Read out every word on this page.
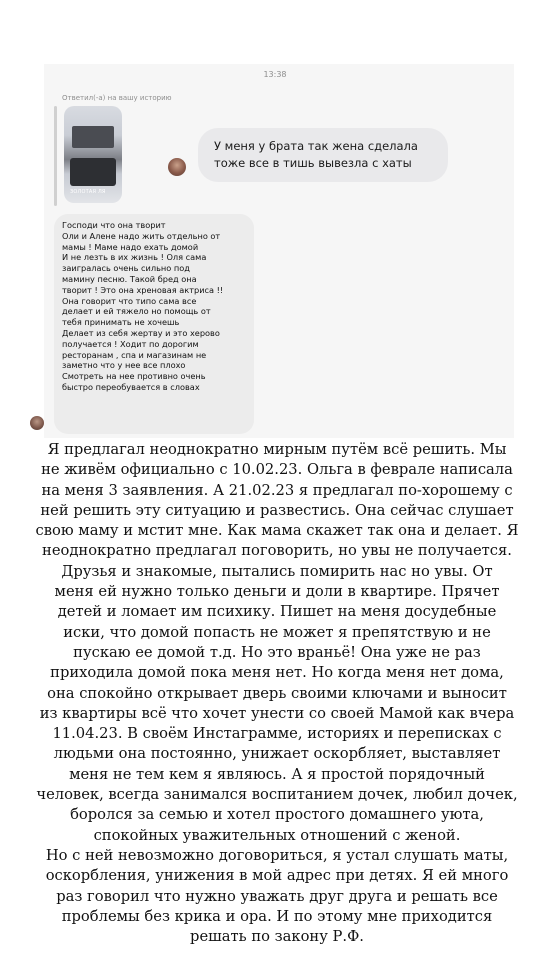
13:38
Ответил(-а) на вашу историю
ЗОЛОТАЯ ЛЯ
У меня у брата так жена сделала
тоже все в тишь вывезла с хаты
Господи что она творит
Оли и Алене надо жить отдельно от
мамы ! Маме надо ехать домой
И не лезть в их жизнь ! Оля сама
заигралась очень сильно под
мамину песню. Такой бред она
творит ! Это она хреновая актриса !!
Она говорит что типо сама все
делает и ей тяжело но помощь от
тебя принимать не хочешь
Делает из себя жертву и это херово
получается ! Ходит по дорогим
ресторанам , спа и магазинам не
заметно что у нее все плохо
Смотреть на нее противно очень
быстро переобувается в словах

Я предлагал неоднократно мирным путём всё решить. Мы

не живём официально с 10.02.23. Ольга в феврале написала

на меня 3 заявления. А 21.02.23 я предлагал по-хорошему с

ней решить эту ситуацию и развестись. Она сейчас слушает

свою маму и мстит мне. Как мама скажет так она и делает. Я

неоднократно предлагал поговорить, но увы не получается.

Друзья и знакомые, пытались помирить нас но увы. От

меня ей нужно только деньги и доли в квартире. Прячет

детей и ломает им психику. Пишет на меня досудебные

иски, что домой попасть не может я препятствую и не

пускаю ее домой т.д. Но это враньё! Она уже не раз

приходила домой пока меня нет. Но когда меня нет дома,

она спокойно открывает дверь своими ключами и выносит

из квартиры всё что хочет унести со своей Мамой как вчера

11.04.23. В своём Инстаграмме, историях и переписках с

людьми она постоянно, унижает оскорбляет, выставляет

меня не тем кем я являюсь. А я простой порядочный

человек, всегда занимался воспитанием дочек, любил дочек,

боролся за семью и хотел простого домашнего уюта,

спокойных уважительных отношений с женой.

Но с ней невозможно договориться, я устал слушать маты,

оскорбления, унижения в мой адрес при детях. Я ей много

раз говорил что нужно уважать друг друга и решать все

проблемы без крика и ора. И по этому мне приходится

решать по закону Р.Ф.
